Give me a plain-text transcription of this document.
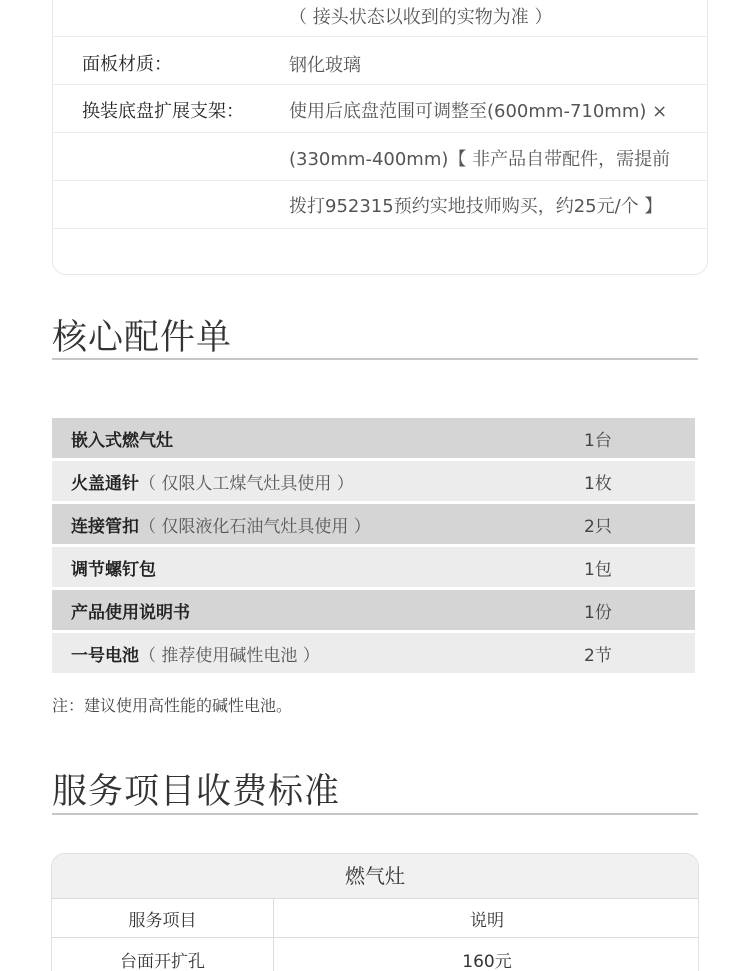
（ 接头状态以收到的实物为准 ）
面板材质：	钢化玻璃
换装底盘扩展支架：	使用后底盘范围可调整至(600mm-710mm) ×
(330mm-400mm)【 非产品自带配件，需提前
拨打952315预约实地技师购买，约25元/个 】
核心配件单
嵌入式燃气灶	1台
火盖通针（ 仅限人工煤气灶具使用 ）	1枚
连接管扣（ 仅限液化石油气灶具使用 ）	2只
调节螺钉包	1包
产品使用说明书	1份
一号电池（ 推荐使用碱性电池 ）	2节
注：建议使用高性能的碱性电池。
服务项目收费标准
燃气灶
服务项目	说明
台面开扩孔	160元
